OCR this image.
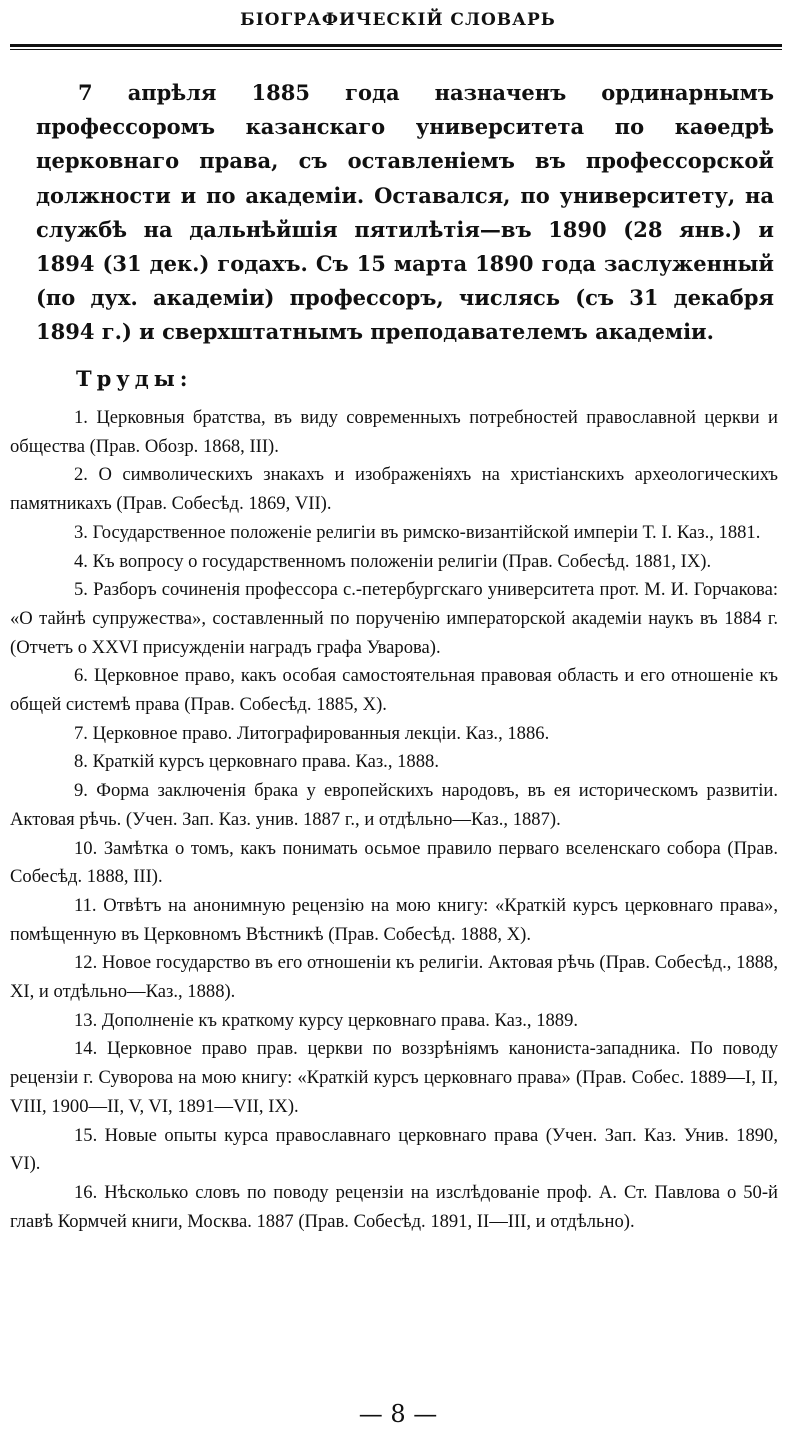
БІОГРАФИЧЕСКІЙ СЛОВАРЬ

7 апрѣля 1885 года назначенъ ординарнымъ профессоромъ казанскаго университета по каѳедрѣ церковнаго права, съ оставленіемъ въ профессорской должности и по академіи. Оставался, по университету, на службѣ на дальнѣйшія пятилѣтія—въ 1890 (28 янв.) и 1894 (31 дек.) годахъ. Съ 15 марта 1890 года заслуженный (по дух. академіи) профессоръ, числясь (съ 31 декабря 1894 г.) и сверхштатнымъ преподавателемъ академіи.

Труды:

1. Церковныя братства, въ виду современныхъ потребностей православной церкви и общества (Прав. Обозр. 1868, III).

2. О символическихъ знакахъ и изображеніяхъ на христіанскихъ археологическихъ памятникахъ (Прав. Собесѣд. 1869, VII).

3. Государственное положеніе религіи въ римско-византійской имперіи Т. I. Каз., 1881.

4. Къ вопросу о государственномъ положеніи религіи (Прав. Собесѣд. 1881, IX).

5. Разборъ сочиненія профессора с.-петербургскаго университета прот. М. И. Горчакова: «О тайнѣ супружества», составленный по порученію императорской академіи наукъ въ 1884 г. (Отчетъ о XXVI присужденіи наградъ графа Уварова).

6. Церковное право, какъ особая самостоятельная правовая область и его отношеніе къ общей системѣ права (Прав. Собесѣд. 1885, X).

7. Церковное право. Литографированныя лекціи. Каз., 1886.

8. Краткій курсъ церковнаго права. Каз., 1888.

9. Форма заключенія брака у европейскихъ народовъ, въ ея историческомъ развитіи. Актовая рѣчь. (Учен. Зап. Каз. унив. 1887 г., и отдѣльно—Каз., 1887).

10. Замѣтка о томъ, какъ понимать осьмое правило перваго вселенскаго собора (Прав. Собесѣд. 1888, III).

11. Отвѣтъ на анонимную рецензію на мою книгу: «Краткій курсъ церковнаго права», помѣщенную въ Церковномъ Вѣстникѣ (Прав. Собесѣд. 1888, X).

12. Новое государство въ его отношеніи къ религіи. Актовая рѣчь (Прав. Собесѣд., 1888, XI, и отдѣльно—Каз., 1888).

13. Дополненіе къ краткому курсу церковнаго права. Каз., 1889.

14. Церковное право прав. церкви по воззрѣніямъ канониста-западника. По поводу рецензіи г. Суворова на мою книгу: «Краткій курсъ церковнаго права» (Прав. Собес. 1889—I, II, VIII, 1900—II, V, VI, 1891—VII, IX).

15. Новые опыты курса православнаго церковнаго права (Учен. Зап. Каз. Унив. 1890, VI).

16. Нѣсколько словъ по поводу рецензіи на изслѣдованіе проф. А. Ст. Павлова о 50-й главѣ Кормчей книги, Москва. 1887 (Прав. Собесѣд. 1891, II—III, и отдѣльно).

— 8 —
